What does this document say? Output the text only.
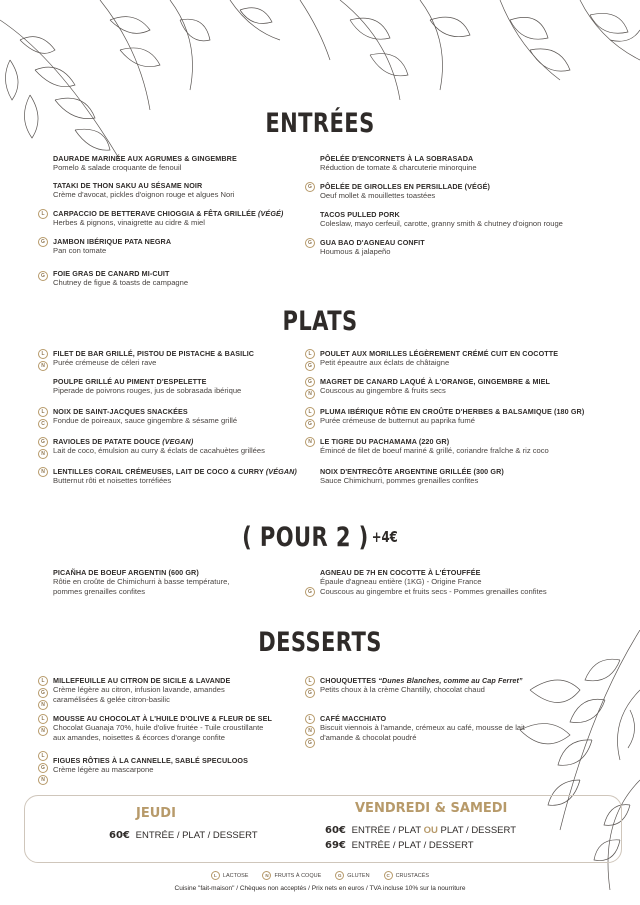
ENTRÉES
DAURADE MARINÉE AUX AGRUMES & GINGEMBRE
Pomelo & salade croquante de fenouil
TATAKI DE THON SAKU AU SÉSAME NOIR
Crème d'avocat, pickles d'oignon rouge et algues Nori
L	CARPACCIO DE BETTERAVE CHIOGGIA & FÊTA GRILLÉE (VÉGÉ)
Herbes & pignons, vinaigrette au cidre & miel
G	JAMBON IBÉRIQUE PATA NEGRA
Pan con tomate
G	FOIE GRAS DE CANARD MI-CUIT
Chutney de figue & toasts de campagne
PÔELÉE D'ENCORNETS À LA SOBRASADA
Réduction de tomate & charcuterie minorquine
G	PÔELÉE DE GIROLLES EN PERSILLADE (VÉGÉ)
Oeuf mollet & mouillettes toastées
TACOS PULLED PORK
Coleslaw, mayo cerfeuil, carotte, granny smith & chutney d'oignon rouge
G	GUA BAO D'AGNEAU CONFIT
Houmous & jalapeño
PLATS
L
N
FILET DE BAR GRILLÉ, PISTOU DE PISTACHE & BASILIC
Purée crémeuse de céleri rave
POULPE GRILLÉ AU PIMENT D'ESPELETTE
Piperade de poivrons rouges, jus de sobrasada ibérique
L
C
NOIX DE SAINT-JACQUES SNACKÉES
Fondue de poireaux, sauce gingembre & sésame grillé
G
N
RAVIOLES DE PATATE DOUCE (VEGAN)
Lait de coco, émulsion au curry & éclats de cacahuètes grillées
N	LENTILLES CORAIL CRÉMEUSES, LAIT DE COCO & CURRY (VÉGAN)
Butternut rôti et noisettes torréfiées
L
G
POULET AUX MORILLES LÉGÈREMENT CRÉMÉ CUIT EN COCOTTE
Petit épeautre aux éclats de châtaigne
G
N
MAGRET DE CANARD LAQUÉ À L'ORANGE, GINGEMBRE & MIEL
Couscous au gingembre & fruits secs
L
G
PLUMA IBÉRIQUE RÔTIE EN CROÛTE D'HERBES & BALSAMIQUE (180 GR)
Purée crémeuse de butternut au paprika fumé
N	LE TIGRE DU PACHAMAMA (220 GR)
Émincé de filet de boeuf mariné & grillé, coriandre fraîche & riz coco
NOIX D'ENTRECÔTE ARGENTINE GRILLÉE (300 GR)
Sauce Chimichurri, pommes grenailles confites
( POUR 2 ) +4€
PICAÑHA DE BOEUF ARGENTIN (600 GR)
Rôtie en croûte de Chimichurri à basse température, pommes grenailles confites	G
AGNEAU DE 7H EN COCOTTE À L'ÉTOUFFÉE
Épaule d'agneau entière (1KG) - Origine France
Couscous au gingembre et fruits secs - Pommes grenailles confites
DESSERTS
L
G
N
MILLEFEUILLE AU CITRON DE SICILE & LAVANDE
Crème légère au citron, infusion lavande, amandes caramélisées & gelée citron-basilic
L
N
MOUSSE AU CHOCOLAT À L'HUILE D'OLIVE & FLEUR DE SEL
Chocolat Guanaja 70%, huile d'olive fruitée - Tuile croustillante aux amandes, noisettes & écorces d'orange confite
L
G
N
FIGUES RÔTIES À LA CANNELLE, SABLÉ SPECULOOS
Crème légère au mascarpone
L
G
CHOUQUETTES “Dunes Blanches, comme au Cap Ferret”
Petits choux à la crème Chantilly, chocolat chaud
L
N
G
CAFÉ MACCHIATO
Biscuit viennois à l'amande, crémeux au café, mousse de lait d'amande & chocolat poudré
JEUDI
60€ ENTRÉE / PLAT / DESSERT
VENDREDI & SAMEDI
60€ ENTRÉE / PLAT OU PLAT / DESSERT
69€ ENTRÉE / PLAT / DESSERT
L	LACTOSE	N	FRUITS À COQUE	G	GLUTEN	C	CRUSTACÉS
Cuisine "fait-maison" / Chèques non acceptés / Prix nets en euros / TVA incluse 10% sur la nourriture
